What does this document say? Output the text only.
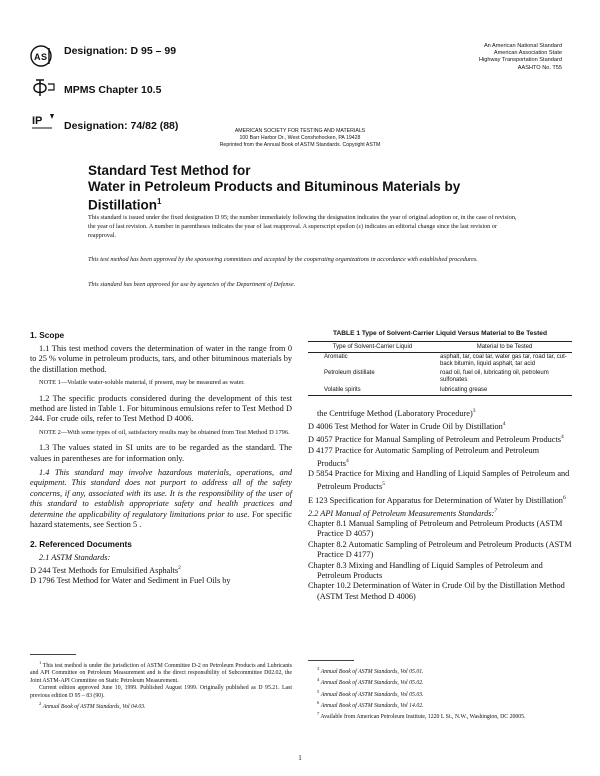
A S
IP
Designation: D 95 – 99
MPMS Chapter 10.5
Designation: 74/82 (88)
An American National Standard
American Association State
Highway Transportation Standard
AASHTO No. T55
AMERICAN SOCIETY FOR TESTING AND MATERIALS
100 Barr Harbor Dr., West Conshohocken, PA 19428
Reprinted from the Annual Book of ASTM Standards. Copyright ASTM
Standard Test Method for
Water in Petroleum Products and Bituminous Materials by
Distillation$^1$
This standard is issued under the fixed designation D 95; the number immediately following the designation indicates the year of original adoption or, in the case of revision, the year of last revision. A number in parentheses indicates the year of last reapproval. A superscript epsilon (ε) indicates an editorial change since the last revision or reapproval.
This test method has been approved by the sponsoring committees and accepted by the cooperating organizations in accordance with established procedures.
This standard has been approved for use by agencies of the Department of Defense.
1. Scope

1.1 This test method covers the determination of water in the range from 0 to 25 % volume in petroleum products, tars, and other bituminous materials by the distillation method.

NOTE 1—Volatile water-soluble material, if present, may be measured as water.

1.2 The specific products considered during the development of this test method are listed in Table 1. For bituminous emulsions refer to Test Method D 244. For crude oils, refer to Test Method D 4006.

NOTE 2—With some types of oil, satisfactory results may be obtained from Test Method D 1796.

1.3 The values stated in SI units are to be regarded as the standard. The values in parentheses are for information only.

1.4 This standard may involve hazardous materials, operations, and equipment. This standard does not purport to address all of the safety concerns, if any, associated with its use. It is the responsibility of the user of this standard to establish appropriate safety and health practices and determine the applicability of regulatory limitations prior to use. For specific hazard statements, see Section 5 .

2. Referenced Documents

2.1 ASTM Standards:

D 244 Test Methods for Emulsified Asphalts$^2$

D 1796 Test Method for Water and Sediment in Fuel Oils by

TABLE 1 Type of Solvent-Carrier Liquid Versus Material to Be Tested
Type of Solvent-Carrier Liquid	Material to be Tested
Aromatic	asphalt, tar, coal tar, water gas tar, road tar, cut-back bitumin, liquid asphalt, tar acid
Petroleum distillate	road oil, fuel oil, lubricating oil, petroleum sulfonates
Volatile spirits	lubricating grease

the Centrifuge Method (Laboratory Procedure)$^3$

D 4006 Test Method for Water in Crude Oil by Distillation$^4$

D 4057 Practice for Manual Sampling of Petroleum and Petroleum Products$^4$

D 4177 Practice for Automatic Sampling of Petroleum and Petroleum Products$^4$

D 5854 Practice for Mixing and Handling of Liquid Samples of Petroleum and Petroleum Products$^5$

E 123 Specification for Apparatus for Determination of Water by Distillation$^6$

2.2 API Manual of Petroleum Measurements Standards:$^7$

Chapter 8.1 Manual Sampling of Petroleum and Petroleum Products (ASTM Practice D 4057)

Chapter 8.2 Automatic Sampling of Petroleum and Petroleum Products (ASTM Practice D 4177)

Chapter 8.3 Mixing and Handling of Liquid Samples of Petroleum and Petroleum Products

Chapter 10.2 Determination of Water in Crude Oil by the Distillation Method (ASTM Test Method D 4006)

$^1$ This test method is under the jurisdiction of ASTM Committee D-2 on Petroleum Products and Lubricants and API Committee on Petroleum Measurement and is the direct responsibility of Subcommittee D02.02, the Joint ASTM-API Committee on Static Petroleum Measurement.
Current edition approved June 10, 1999. Published August 1999. Originally published as D 95.21. Last previous edition D 95 – 83 (90).
$^2$ Annual Book of ASTM Standards, Vol 04.03.
$^3$ Annual Book of ASTM Standards, Vol 05.01.
$^4$ Annual Book of ASTM Standards, Vol 05.02.
$^5$ Annual Book of ASTM Standards, Vol 05.03.
$^6$ Annual Book of ASTM Standards, Vol 14.02.
$^7$ Available from American Petroleum Institute, 1220 L St., N.W., Washington, DC 20005.
1
